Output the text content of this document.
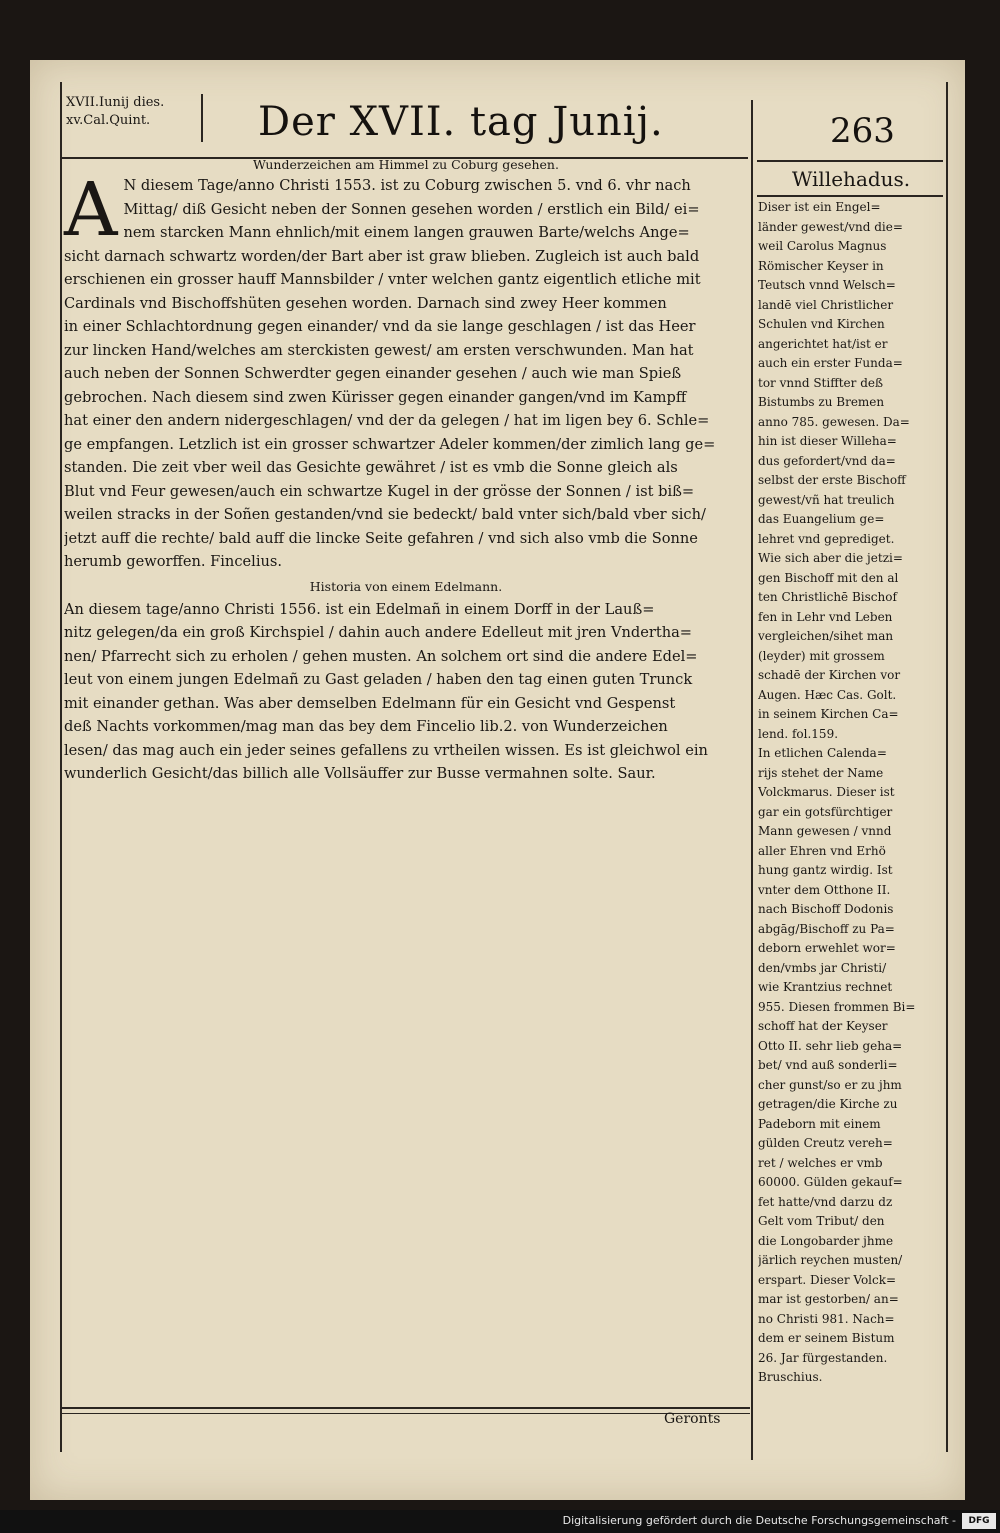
XVII.Iunij dies.
xv.Cal.Quint.	Der XVII. tag Junij.	263

Wunderzeichen am Himmel zu Coburg gesehen.

A N diesem Tage/anno Christi 1553. ist zu Coburg zwischen 5. vnd 6. vhr nach
Mittag/ diß Gesicht neben der Sonnen gesehen worden / erstlich ein Bild/ ei=
nem starcken Mann ehnlich/mit einem langen grauwen Barte/welchs Ange=
sicht darnach schwartz worden/der Bart aber ist graw blieben. Zugleich ist auch bald
erschienen ein grosser hauff Mannsbilder / vnter welchen gantz eigentlich etliche mit
Cardinals vnd Bischoffshüten gesehen worden. Darnach sind zwey Heer kommen
in einer Schlachtordnung gegen einander/ vnd da sie lange geschlagen / ist das Heer
zur lincken Hand/welches am sterckisten gewest/ am ersten verschwunden. Man hat
auch neben der Sonnen Schwerdter gegen einander gesehen / auch wie man Spieß
gebrochen. Nach diesem sind zwen Kürisser gegen einander gangen/vnd im Kampff
hat einer den andern nidergeschlagen/ vnd der da gelegen / hat im ligen bey 6. Schle=
ge empfangen. Letzlich ist ein grosser schwartzer Adeler kommen/der zimlich lang ge=
standen. Die zeit vber weil das Gesichte gewähret / ist es vmb die Sonne gleich als
Blut vnd Feur gewesen/auch ein schwartze Kugel in der grösse der Sonnen / ist biß=
weilen stracks in der Soñen gestanden/vnd sie bedeckt/ bald vnter sich/bald vber sich/
jetzt auff die rechte/ bald auff die lincke Seite gefahren / vnd sich also vmb die Sonne
herumb geworffen. Fincelius.

Historia von einem Edelmann.

An diesem tage/anno Christi 1556. ist ein Edelmañ in einem Dorff in der Lauß=
nitz gelegen/da ein groß Kirchspiel / dahin auch andere Edelleut mit jren Vndertha=
nen/ Pfarrecht sich zu erholen / gehen musten. An solchem ort sind die andere Edel=
leut von einem jungen Edelmañ zu Gast geladen / haben den tag einen guten Trunck
mit einander gethan. Was aber demselben Edelmann für ein Gesicht vnd Gespenst
deß Nachts vorkommen/mag man das bey dem Fincelio lib.2. von Wunderzeichen
lesen/ das mag auch ein jeder seines gefallens zu vrtheilen wissen. Es ist gleichwol ein
wunderlich Gesicht/das billich alle Vollsäuffer zur Busse vermahnen solte. Saur.
Willehadus.
Diser ist ein Engel=
länder gewest/vnd die=
weil Carolus Magnus
Römischer Keyser in
Teutsch vnnd Welsch=
landē viel Christlicher
Schulen vnd Kirchen
angerichtet hat/ist er
auch ein erster Funda=
tor vnnd Stiffter deß
Bistumbs zu Bremen
anno 785. gewesen. Da=
hin ist dieser Willeha=
dus gefordert/vnd da=
selbst der erste Bischoff
gewest/vñ hat treulich
das Euangelium ge=
lehret vnd geprediget.
Wie sich aber die jetzi=
gen Bischoff mit den al
ten Christlichē Bischof
fen in Lehr vnd Leben
vergleichen/sihet man
(leyder) mit grossem
schadē der Kirchen vor
Augen. Hæc Cas. Golt.
in seinem Kirchen Ca=
lend. fol.159.
In etlichen Calenda=
rijs stehet der Name
Volckmarus. Dieser ist
gar ein gotsfürchtiger
Mann gewesen / vnnd
aller Ehren vnd Erhö
hung gantz wirdig. Ist
vnter dem Otthone II.
nach Bischoff Dodonis
abgāg/Bischoff zu Pa=
deborn erwehlet wor=
den/vmbs jar Christi/
wie Krantzius rechnet
955. Diesen frommen Bi=
schoff hat der Keyser
Otto II. sehr lieb geha=
bet/ vnd auß sonderli=
cher gunst/so er zu jhm
getragen/die Kirche zu
Padeborn mit einem
gülden Creutz vereh=
ret / welches er vmb
60000. Gülden gekauf=
fet hatte/vnd darzu dz
Gelt vom Tribut/ den
die Longobarder jhme
järlich reychen musten/
erspart. Dieser Volck=
mar ist gestorben/ an=
no Christi 981. Nach=
dem er seinem Bistum
26. Jar fürgestanden.
Bruschius.
Geronts
Digitalisierung gefördert durch die Deutsche Forschungsgemeinschaft -	DFG
